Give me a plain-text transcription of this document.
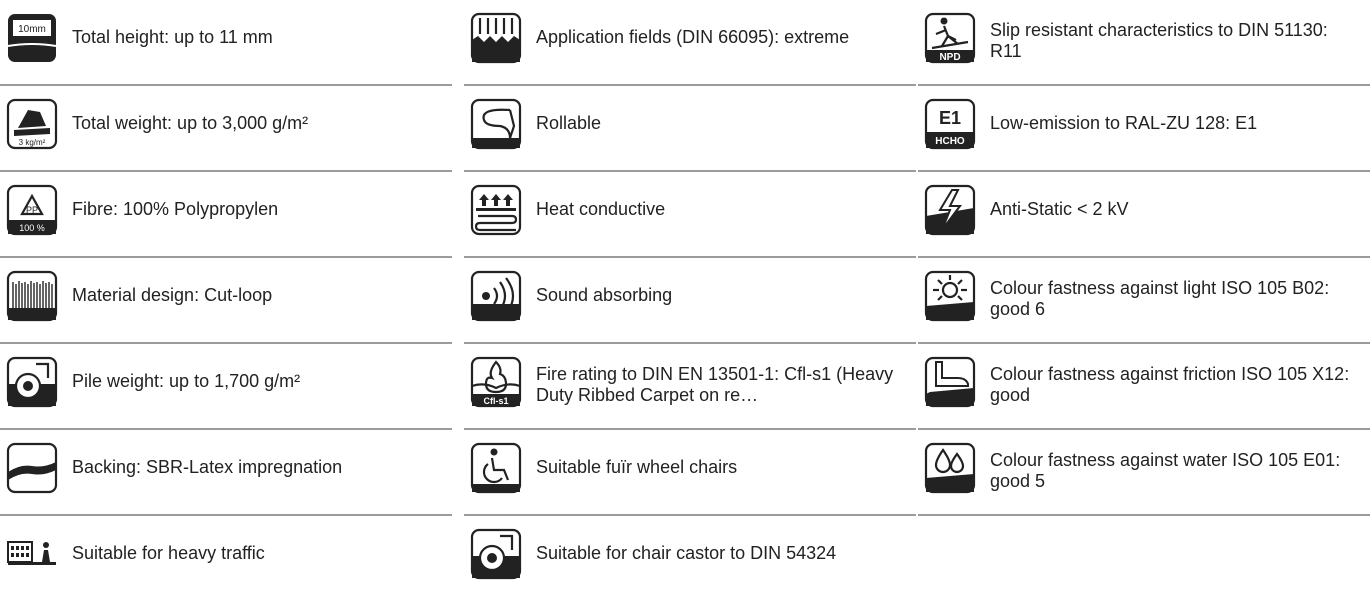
10mm Total height: up to 11 mm
3 kg/m²
Total weight: up to 3,000 g/m²
PP
100 %
Fibre: 100% Polypropylen
Material design: Cut-loop
Pile weight: up to 1,700 g/m²
Backing: SBR-Latex impregnation
Suitable for heavy traffic
Application fields (DIN 66095): extreme
Rollable
Heat conductive
Sound absorbing
Cfl-s1
Fire rating to DIN EN 13501-1: Cfl-s1 (Heavy Duty Ribbed Carpet on re…
Suitable fuïr wheel chairs
Suitable for chair castor to DIN 54324
NPD
Slip resistant characteristics to DIN 51130: R11
E1
HCHO
Low-emission to RAL-ZU 128: E1
Anti-Static < 2 kV
Colour fastness against light ISO 105 B02: good 6
Colour fastness against friction ISO 105 X12: good
Colour fastness against water ISO 105 E01: good 5
